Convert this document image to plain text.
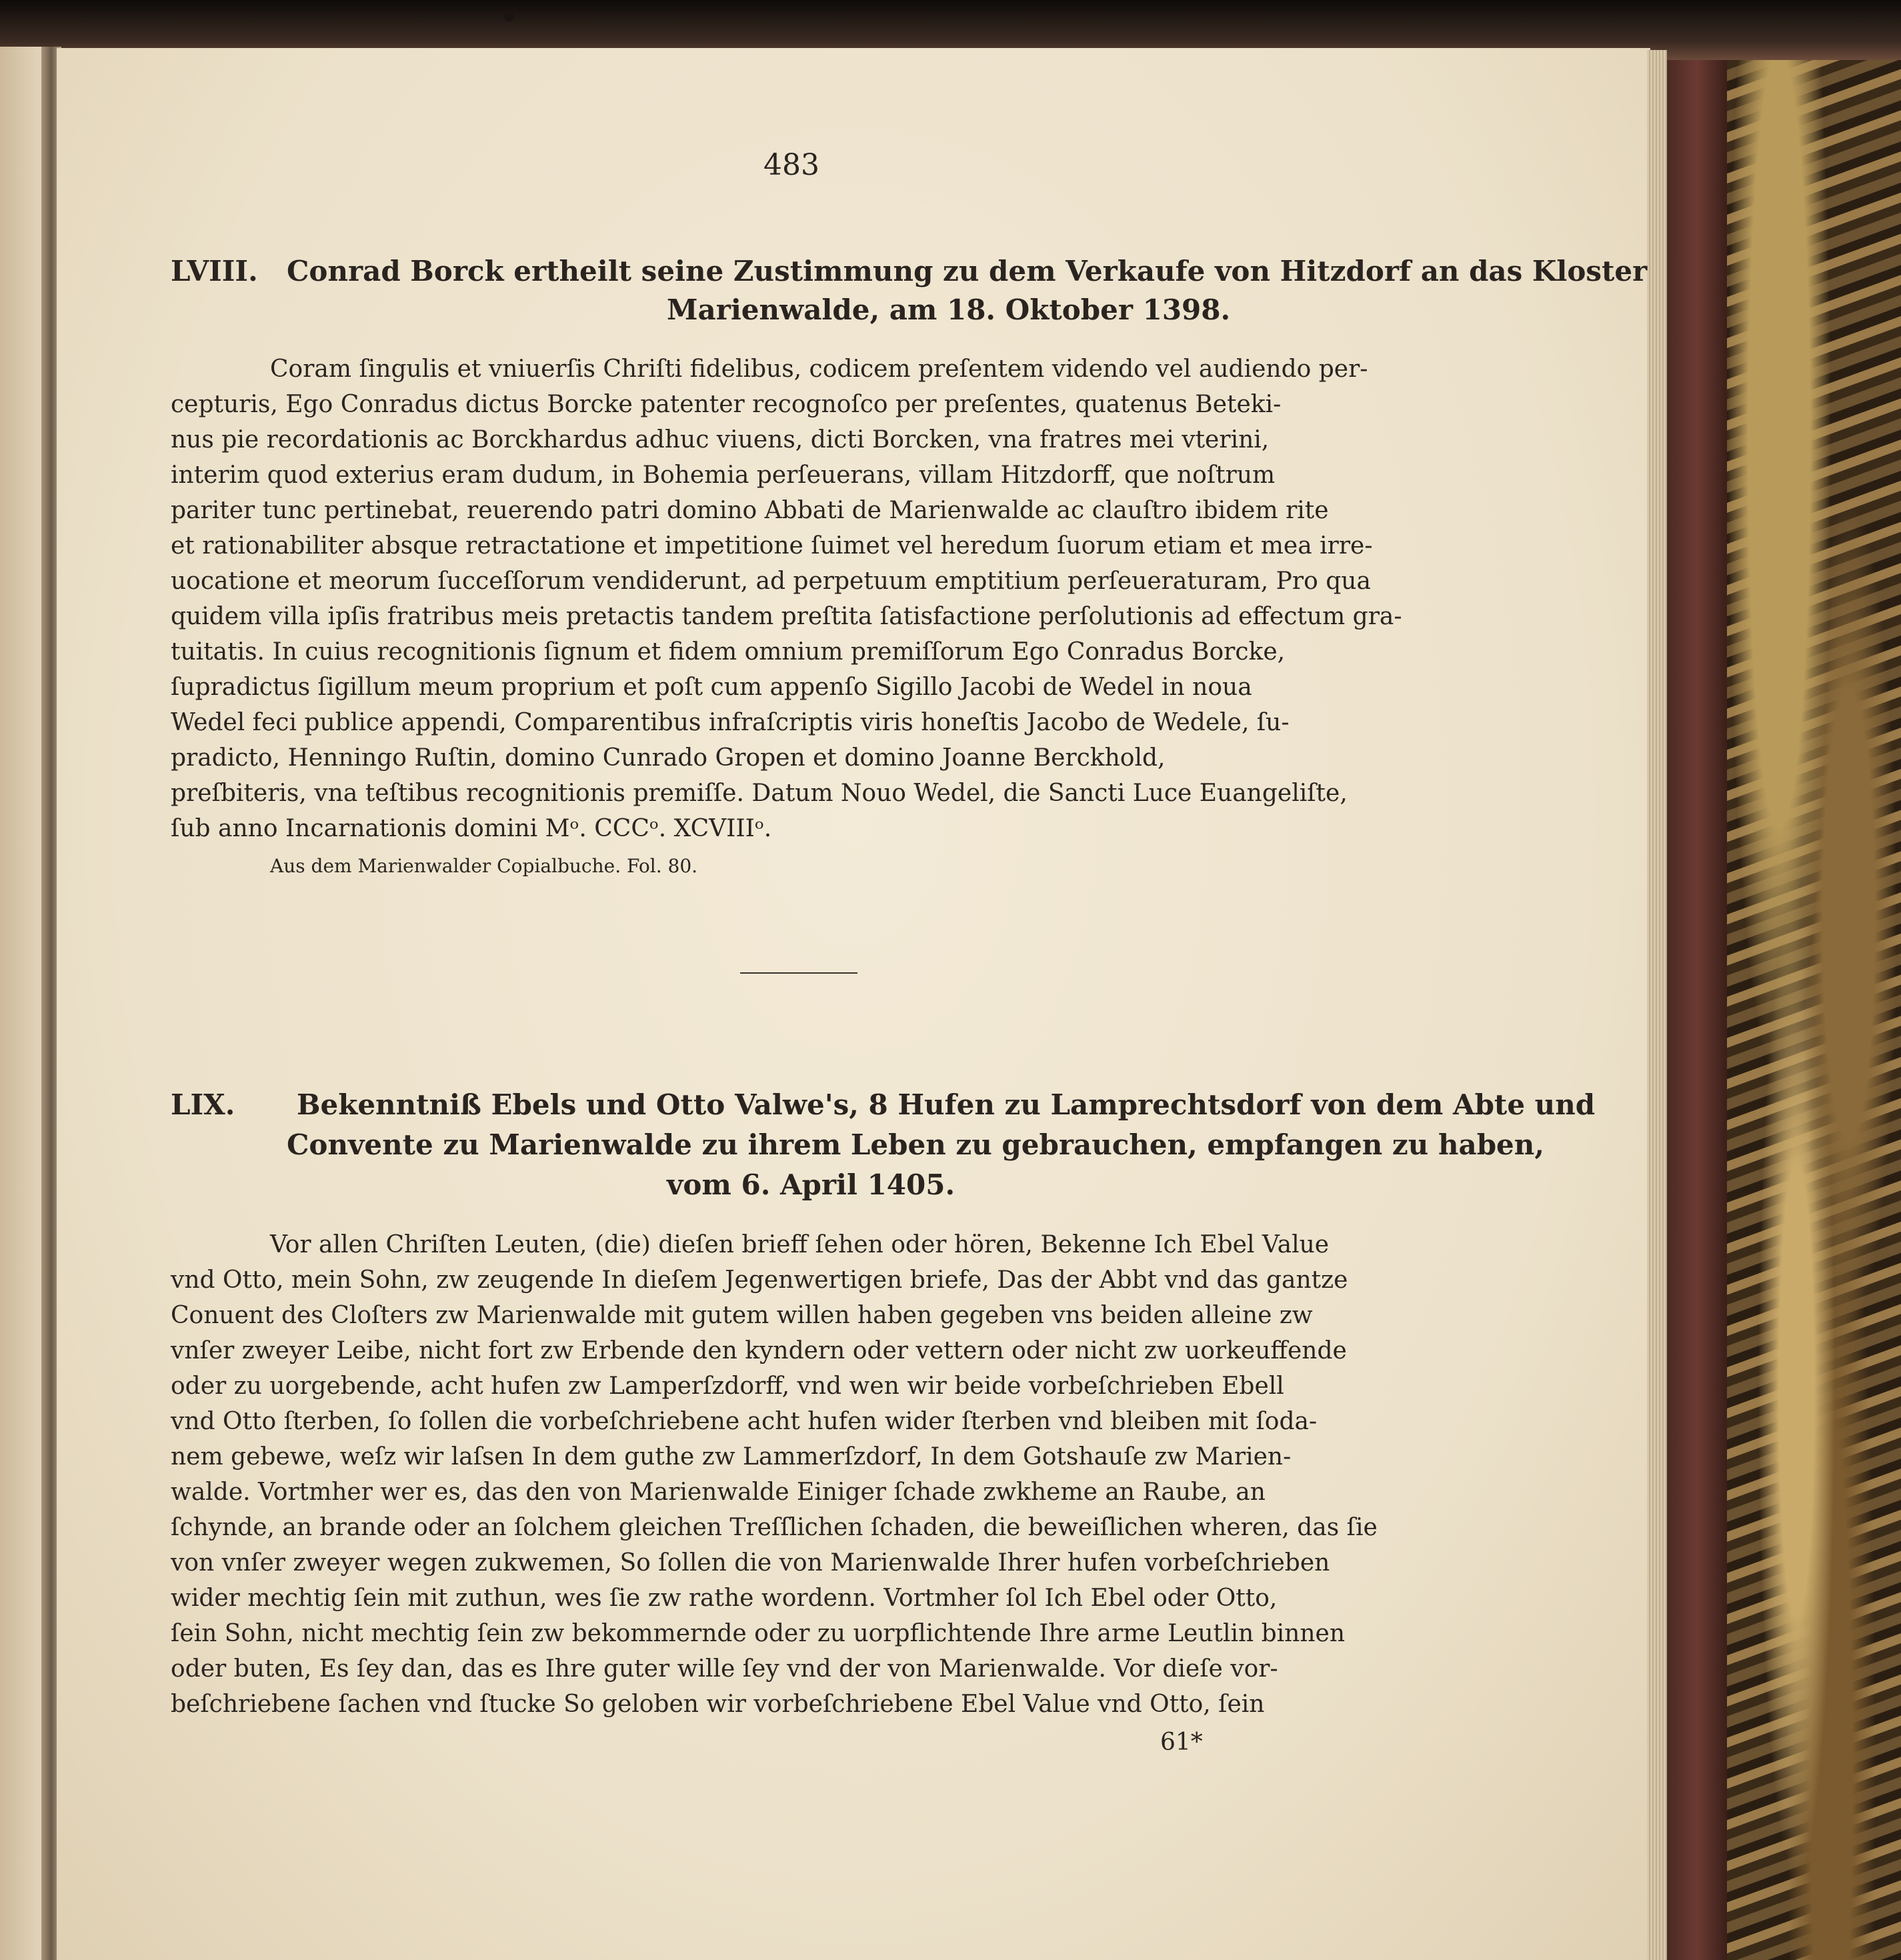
483
LVIII. Conrad Borck ertheilt seine Zustimmung zu dem Verkaufe von Hitzdorf an das Kloster
Marienwalde, am 18. Oktober 1398.
Coram ſingulis et vniuerſis Chriſti fidelibus, codicem preſentem videndo vel audiendo per-
cepturis, Ego Conradus dictus Borcke patenter recognoſco per preſentes, quatenus Beteki-
nus pie recordationis ac Borckhardus adhuc viuens, dicti Borcken, vna fratres mei vterini,
interim quod exterius eram dudum, in Bohemia perſeuerans, villam Hitzdorff, que noſtrum
pariter tunc pertinebat, reuerendo patri domino Abbati de Marienwalde ac clauſtro ibidem rite
et rationabiliter absque retractatione et impetitione ſuimet vel heredum ſuorum etiam et mea irre-
uocatione et meorum ſucceſſorum vendiderunt, ad perpetuum emptitium perſeueraturam, Pro qua
quidem villa ipſis fratribus meis pretactis tandem preſtita ſatisfactione perſolutionis ad effectum gra-
tuitatis. In cuius recognitionis ſignum et fidem omnium premiſſorum Ego Conradus Borcke,
ſupradictus ſigillum meum proprium et poſt cum appenſo Sigillo Jacobi de Wedel in noua
Wedel feci publice appendi, Comparentibus infraſcriptis viris honeſtis Jacobo de Wedele, ſu-
pradicto, Henningo Ruſtin, domino Cunrado Gropen et domino Joanne Berckhold,
preſbiteris, vna teſtibus recognitionis premiſſe. Datum Nouo Wedel, die Sancti Luce Euangeliſte,
ſub anno Incarnationis domini Mᵒ. CCCᵒ. XCVIIIᵒ.
Aus dem Marienwalder Copialbuche. Fol. 80.
LIX. Bekenntniß Ebels und Otto Valwe's, 8 Hufen zu Lamprechtsdorf von dem Abte und
Convente zu Marienwalde zu ihrem Leben zu gebrauchen, empfangen zu haben,
vom 6. April 1405.
Vor allen Chriſten Leuten, (die) dieſen brieff ſehen oder hören, Bekenne Ich Ebel Value
vnd Otto, mein Sohn, zw zeugende In dieſem Jegenwertigen briefe, Das der Abbt vnd das gantze
Conuent des Cloſters zw Marienwalde mit gutem willen haben gegeben vns beiden alleine zw
vnſer zweyer Leibe, nicht fort zw Erbende den kyndern oder vettern oder nicht zw uorkeuffende
oder zu uorgebende, acht hufen zw Lamperſzdorff, vnd wen wir beide vorbeſchrieben Ebell
vnd Otto ſterben, ſo ſollen die vorbeſchriebene acht hufen wider ſterben vnd bleiben mit ſoda-
nem gebewe, weſz wir laſsen In dem guthe zw Lammerſzdorf, In dem Gotshauſe zw Marien-
walde. Vortmher wer es, das den von Marienwalde Einiger ſchade zwkheme an Raube, an
ſchynde, an brande oder an ſolchem gleichen Treſſlichen ſchaden, die beweiſlichen wheren, das ſie
von vnſer zweyer wegen zukwemen, So ſollen die von Marienwalde Ihrer hufen vorbeſchrieben
wider mechtig ſein mit zuthun, wes ſie zw rathe wordenn. Vortmher ſol Ich Ebel oder Otto,
ſein Sohn, nicht mechtig ſein zw bekommernde oder zu uorpflichtende Ihre arme Leutlin binnen
oder buten, Es ſey dan, das es Ihre guter wille ſey vnd der von Marienwalde. Vor dieſe vor-
beſchriebene ſachen vnd ſtucke So geloben wir vorbeſchriebene Ebel Value vnd Otto, ſein
61*
